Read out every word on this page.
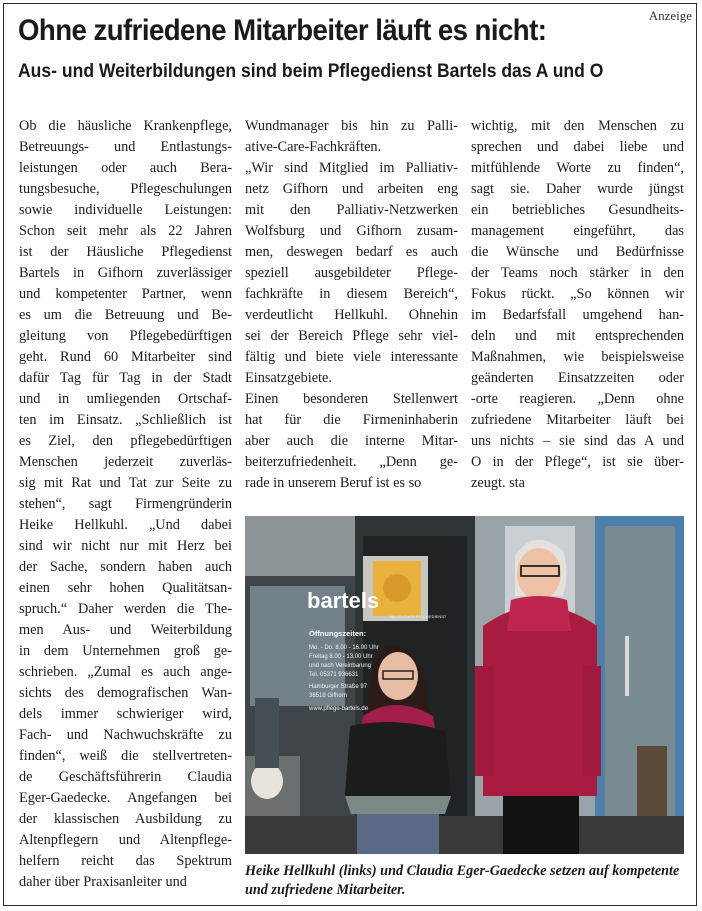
Anzeige
Ohne zufriedene Mitarbeiter läuft es nicht:
Aus- und Weiterbildungen sind beim Pflegedienst Bartels das A und O
Ob die häusliche Krankenpflege,
Betreuungs- und Entlastungs-
leistungen oder auch Bera-
tungsbesuche, Pflegeschulungen
sowie individuelle Leistungen:
Schon seit mehr als 22 Jahren
ist der Häusliche Pflegedienst
Bartels in Gifhorn zuverlässiger
und kompetenter Partner, wenn
es um die Betreuung und Be-
gleitung von Pflegebedürftigen
geht. Rund 60 Mitarbeiter sind
dafür Tag für Tag in der Stadt
und in umliegenden Ortschaf-
ten im Einsatz. „Schließlich ist
es Ziel, den pflegebedürftigen
Menschen jederzeit zuverläs-
sig mit Rat und Tat zur Seite zu
stehen“, sagt Firmengründerin
Heike Hellkuhl. „Und dabei
sind wir nicht nur mit Herz bei
der Sache, sondern haben auch
einen sehr hohen Qualitätsan-
spruch.“ Daher werden die The-
men Aus- und Weiterbildung
in dem Unternehmen groß ge-
schrieben. „Zumal es auch ange-
sichts des demografischen Wan-
dels immer schwieriger wird,
Fach- und Nachwuchskräfte zu
finden“, weiß die stellvertreten-
de Geschäftsführerin Claudia
Eger-Gaedecke. Angefangen bei
der klassischen Ausbildung zu
Altenpflegern und Altenpflege-
helfern reicht das Spektrum
daher über Praxisanleiter und
Wundmanager bis hin zu Palli-
ative-Care-Fachkräften.
„Wir sind Mitglied im Palliativ-
netz Gifhorn und arbeiten eng
mit den Palliativ-Netzwerken
Wolfsburg und Gifhorn zusam-
men, deswegen bedarf es auch
speziell ausgebildeter Pflege-
fachkräfte in diesem Bereich“,
verdeutlicht Hellkuhl. Ohnehin
sei der Bereich Pflege sehr viel-
fältig und biete viele interessante
Einsatzgebiete.
Einen besonderen Stellenwert
hat für die Firmeninhaberin
aber auch die interne Mitar-
beiterzufriedenheit. „Denn ge-
rade in unserem Beruf ist es so
wichtig, mit den Menschen zu
sprechen und dabei liebe und
mitfühlende Worte zu finden“,
sagt sie. Daher wurde jüngst
ein betriebliches Gesundheits-
management eingeführt, das
die Wünsche und Bedürfnisse
der Teams noch stärker in den
Fokus rückt. „So können wir
im Bedarfsfall umgehend han-
deln und mit entsprechenden
Maßnahmen, wie beispielsweise
geänderten Einsatzzeiten oder
-orte reagieren. „Denn ohne
zufriedene Mitarbeiter läuft bei
uns nichts – sie sind das A und
O in der Pflege“, ist sie über-
zeugt. sta
bartels
HÄUSLICHER PFLEGEDIENST
Öffnungszeiten:
Mo. - Do. 8.00 - 16.00 Uhr
Freitag 8.00 - 13.00 Uhr
und nach Vereinbarung
Tel. 05371 936631
Hamburger Straße 97
38518 Gifhorn
www.pflege-bartels.de
Heike Hellkuhl (links) und Claudia Eger-Gaedecke setzen auf kompetente und zufriedene Mitarbeiter.
